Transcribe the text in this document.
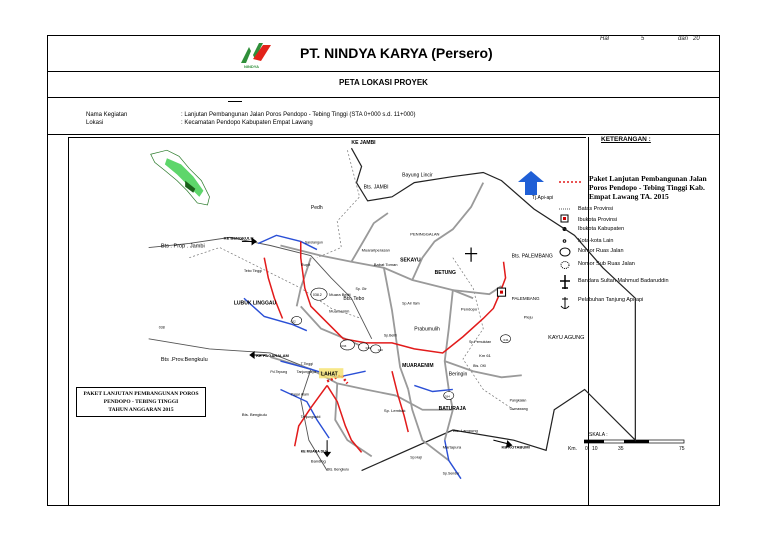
NINDYA
PT. NINDYA KARYA (Persero)
Hal	5	dari 20
PETA LOKASI PROYEK
Nama Kegiatan	: Lanjutan Pembangunan Jalan Poros Pendopo - Tebing Tinggi (STA 0+000 s.d. 11+000)
Lokasi	: Kecamatan Pendopo Kabupaten Empat Lawang
KETERANGAN :
Paket Lanjutan Pembangunan Jalan Poros Pendopo - Tebing Tinggi Kab. Empat Lawang TA. 2015
Batas Provinsi
Ibukota Provinsi
Ibukota Kabupaten
Kota-kota Lain
Nomor Ruas Jalan
Nomor Sub Ruas Jalan
Bandara Sultan Mahmud Badaruddin
Pelabuhan Tanjung Api-api
SKALA :
Km. 0 10	35	75
PAKET LANJUTAN PEMBANGUNAN POROS
PENDOPO - TEBING TINGGI
TAHUN ANGGARAN 2015
KE JAMBI
Bayung Lincir
Bts. JAMBI
Tj.Api-api
Pedh
Bts . Prop . Jambi
KE BENGKULU
Sarolangun
Muarariperasan
PENINGGALAN
SEKAYU
Babat Toman
BETUNG
Bts. PALEMBANG
PALEMBANG
Rupit
Tebo Tinggi
LUBUK LINGGAU
Muara Beliti
Sp. Gtr
Bts. Tebo
Sp.Air Itam
Muaraenim
KAYU AGUNG
Pendopo
Sp.Beliti
Prabumulih
Pleju
Sp.Pemulutan
Bts .Prov.Bengkulu
KE PAGARALAM
T.Tinggi
Pd.Tepung	Tanjungraya LAHAT
MUARAENIM
Beringin
Km 61
Bts. OKI
Bts. Bengkulu
Pagar Alam
Tanjungsakti
Sp. Lembak	BATURAJA
Pangkalan
Gumawang
KE MUARA DUA
Bts. Lampung
KE KOTABUMI
Martapura
Sp.Sender
Sp.Haji
Banding
Bts. Bengkulu
038.2
038
039
040
041
032
033
034
